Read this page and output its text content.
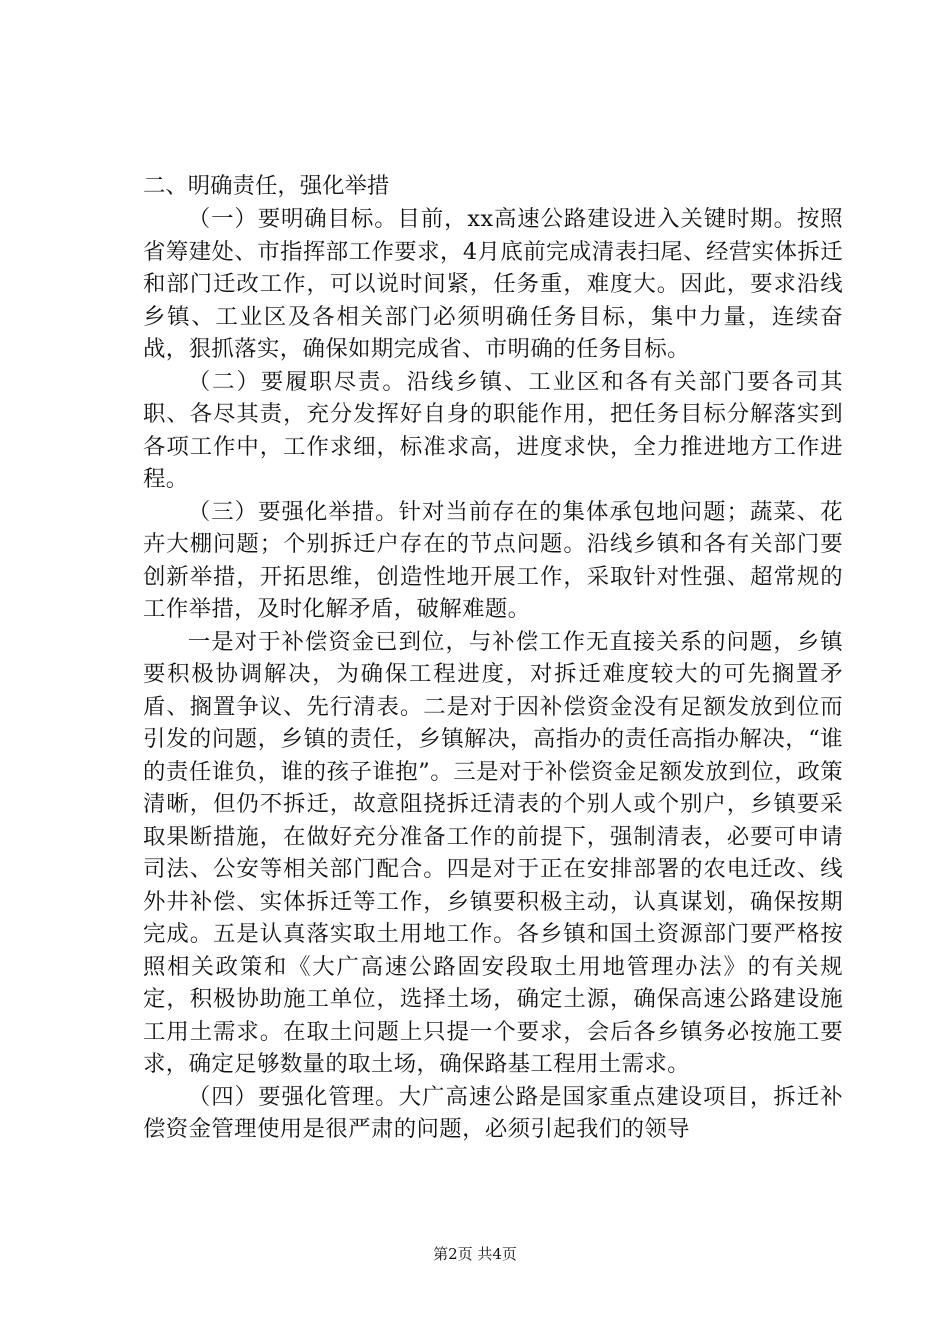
二、明确责任，强化举措

（一）要明确目标。目前，xx高速公路建设进入关键时期。按照省筹建处、市指挥部工作要求，4月底前完成清表扫尾、经营实体拆迁和部门迁改工作，可以说时间紧，任务重，难度大。因此，要求沿线乡镇、工业区及各相关部门必须明确任务目标，集中力量，连续奋战，狠抓落实，确保如期完成省、市明确的任务目标。

（二）要履职尽责。沿线乡镇、工业区和各有关部门要各司其职、各尽其责，充分发挥好自身的职能作用，把任务目标分解落实到各项工作中，工作求细，标准求高，进度求快，全力推进地方工作进程。

（三）要强化举措。针对当前存在的集体承包地问题；蔬菜、花卉大棚问题；个别拆迁户存在的节点问题。沿线乡镇和各有关部门要创新举措，开拓思维，创造性地开展工作，采取针对性强、超常规的工作举措，及时化解矛盾，破解难题。

一是对于补偿资金已到位，与补偿工作无直接关系的问题，乡镇要积极协调解决，为确保工程进度，对拆迁难度较大的可先搁置矛盾、搁置争议、先行清表。二是对于因补偿资金没有足额发放到位而引发的问题，乡镇的责任，乡镇解决，高指办的责任高指办解决，“谁的责任谁负，谁的孩子谁抱”。三是对于补偿资金足额发放到位，政策清晰，但仍不拆迁，故意阻挠拆迁清表的个别人或个别户，乡镇要采取果断措施，在做好充分准备工作的前提下，强制清表，必要可申请司法、公安等相关部门配合。四是对于正在安排部署的农电迁改、线外井补偿、实体拆迁等工作，乡镇要积极主动，认真谋划，确保按期完成。五是认真落实取土用地工作。各乡镇和国土资源部门要严格按照相关政策和《大广高速公路固安段取土用地管理办法》的有关规定，积极协助施工单位，选择土场，确定土源，确保高速公路建设施工用土需求。在取土问题上只提一个要求，会后各乡镇务必按施工要求，确定足够数量的取土场，确保路基工程用土需求。

（四）要强化管理。大广高速公路是国家重点建设项目，拆迁补偿资金管理使用是很严肃的问题，必须引起我们的领导

第2页 共4页
